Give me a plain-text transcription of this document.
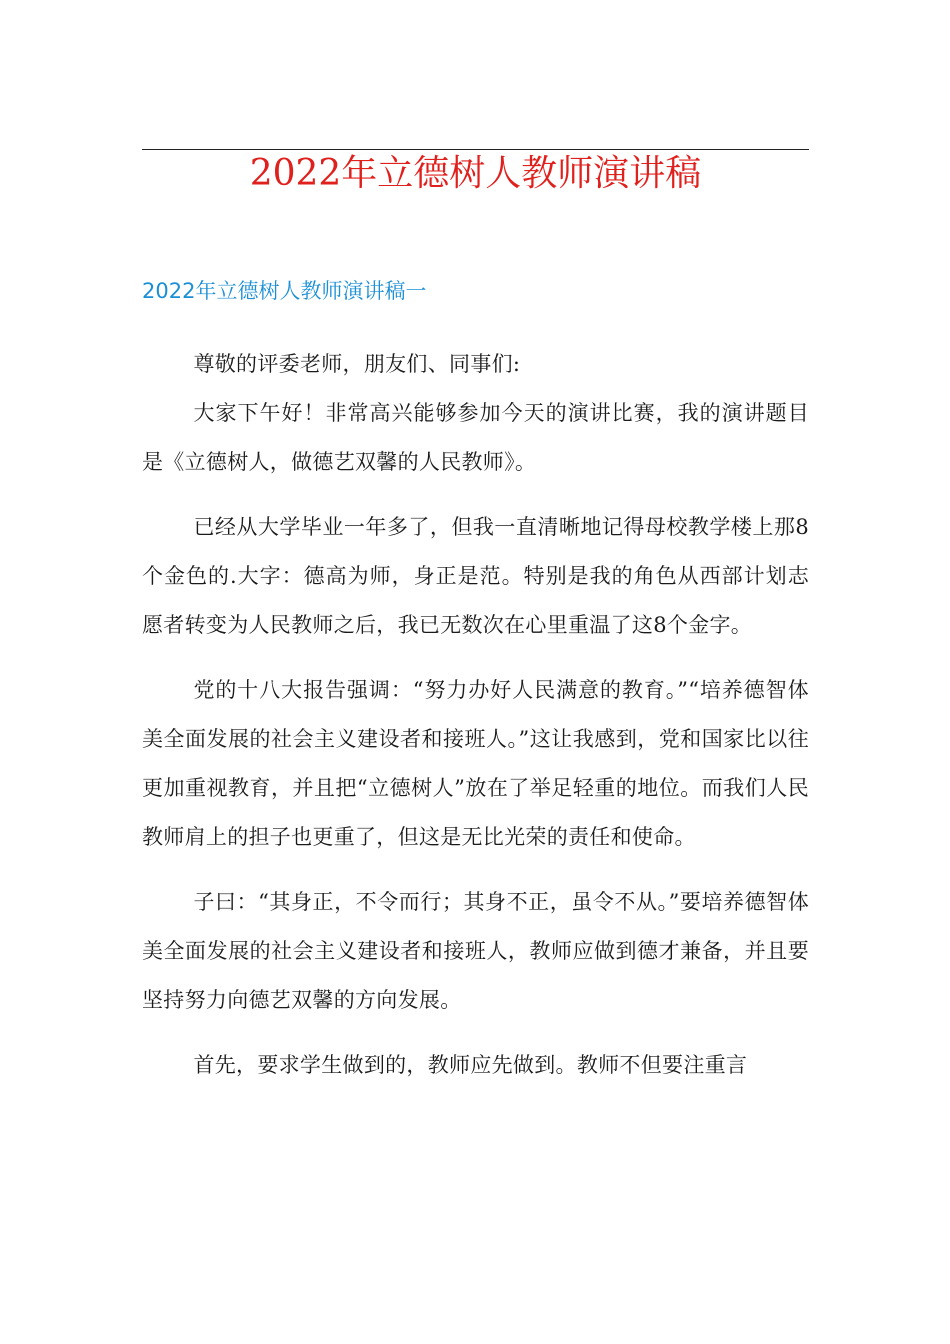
2022年立德树人教师演讲稿
2022年立德树人教师演讲稿一

尊敬的评委老师，朋友们、同事们:

大家下午好！非常高兴能够参加今天的演讲比赛，我的演讲题目是《立德树人，做德艺双馨的人民教师》。

已经从大学毕业一年多了，但我一直清晰地记得母校教学楼上那8个金色的.大字：德高为师，身正是范。特别是我的角色从西部计划志愿者转变为人民教师之后，我已无数次在心里重温了这8个金字。

党的十八大报告强调：“努力办好人民满意的教育。”“培养德智体美全面发展的社会主义建设者和接班人。”这让我感到，党和国家比以往更加重视教育，并且把“立德树人”放在了举足轻重的地位。而我们人民教师肩上的担子也更重了，但这是无比光荣的责任和使命。

子曰：“其身正，不令而行；其身不正，虽令不从。”要培养德智体美全面发展的社会主义建设者和接班人，教师应做到德才兼备，并且要坚持努力向德艺双馨的方向发展。

首先，要求学生做到的，教师应先做到。教师不但要注重言
